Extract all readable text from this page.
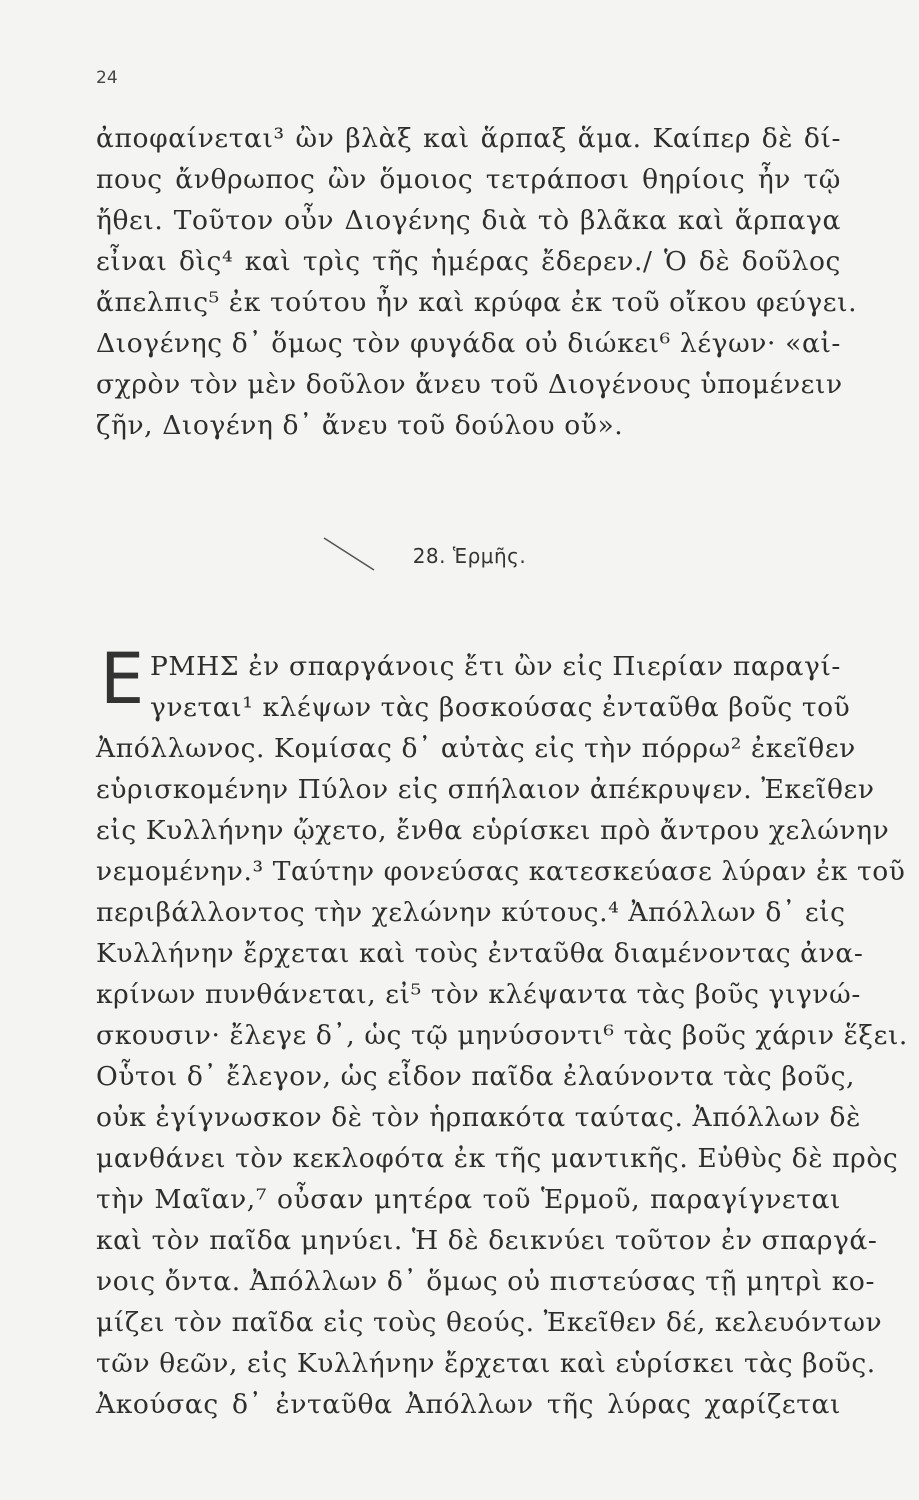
24
ἀποφαίνεται³ ὢν βλὰξ καὶ ἅρπαξ ἅμα. Καίπερ δὲ δί-
πους ἄνθρωπος ὢν ὅμοιος τετράποσι θηρίοις ἦν τῷ
ἤθει. Τοῦτον οὖν Διογένης διὰ τὸ βλᾶκα καὶ ἅρπαγα
εἶναι δὶς⁴ καὶ τρὶς τῆς ἡμέρας ἔδερεν./ Ὁ δὲ δοῦλος
ἄπελπις⁵ ἐκ τούτου ἦν καὶ κρύφα ἐκ τοῦ οἴκου φεύγει.
Διογένης δ᾽ ὅμως τὸν φυγάδα οὐ διώκει⁶ λέγων· «αἰ-
σχρὸν τὸν μὲν δοῦλον ἄνευ τοῦ Διογένους ὑπομένειν
ζῆν, Διογένη δ᾽ ἄνευ τοῦ δούλου οὔ».
28. Ἑρμῆς.
Ε ΡΜΗΣ ἐν σπαργάνοις ἔτι ὢν εἰς Πιερίαν παραγί-
γνεται¹ κλέψων τὰς βοσκούσας ἐνταῦθα βοῦς τοῦ
Ἀπόλλωνος. Κομίσας δ᾽ αὐτὰς εἰς τὴν πόρρω² ἐκεῖθεν
εὑρισκομένην Πύλον εἰς σπήλαιον ἀπέκρυψεν. Ἐκεῖθεν
εἰς Κυλλήνην ᾤχετο, ἔνθα εὑρίσκει πρὸ ἄντρου χελώνην
νεμομένην.³ Ταύτην φονεύσας κατεσκεύασε λύραν ἐκ τοῦ
περιβάλλοντος τὴν χελώνην κύτους.⁴ Ἀπόλλων δ᾽ εἰς
Κυλλήνην ἔρχεται καὶ τοὺς ἐνταῦθα διαμένοντας ἀνα-
κρίνων πυνθάνεται, εἰ⁵ τὸν κλέψαντα τὰς βοῦς γιγνώ-
σκουσιν· ἔλεγε δ᾽, ὡς τῷ μηνύσοντι⁶ τὰς βοῦς χάριν ἕξει.
Οὗτοι δ᾽ ἔλεγον, ὡς εἶδον παῖδα ἐλαύνοντα τὰς βοῦς,
οὐκ ἐγίγνωσκον δὲ τὸν ἡρπακότα ταύτας. Ἀπόλλων δὲ
μανθάνει τὸν κεκλοφότα ἐκ τῆς μαντικῆς. Εὐθὺς δὲ πρὸς
τὴν Μαῖαν,⁷ οὖσαν μητέρα τοῦ Ἑρμοῦ, παραγίγνεται
καὶ τὸν παῖδα μηνύει. Ἡ δὲ δεικνύει τοῦτον ἐν σπαργά-
νοις ὄντα. Ἀπόλλων δ᾽ ὅμως οὐ πιστεύσας τῇ μητρὶ κο-
μίζει τὸν παῖδα εἰς τοὺς θεούς. Ἐκεῖθεν δέ, κελευόντων
τῶν θεῶν, εἰς Κυλλήνην ἔρχεται καὶ εὑρίσκει τὰς βοῦς.
Ἀκούσας δ᾽ ἐνταῦθα Ἀπόλλων τῆς λύρας χαρίζεται
